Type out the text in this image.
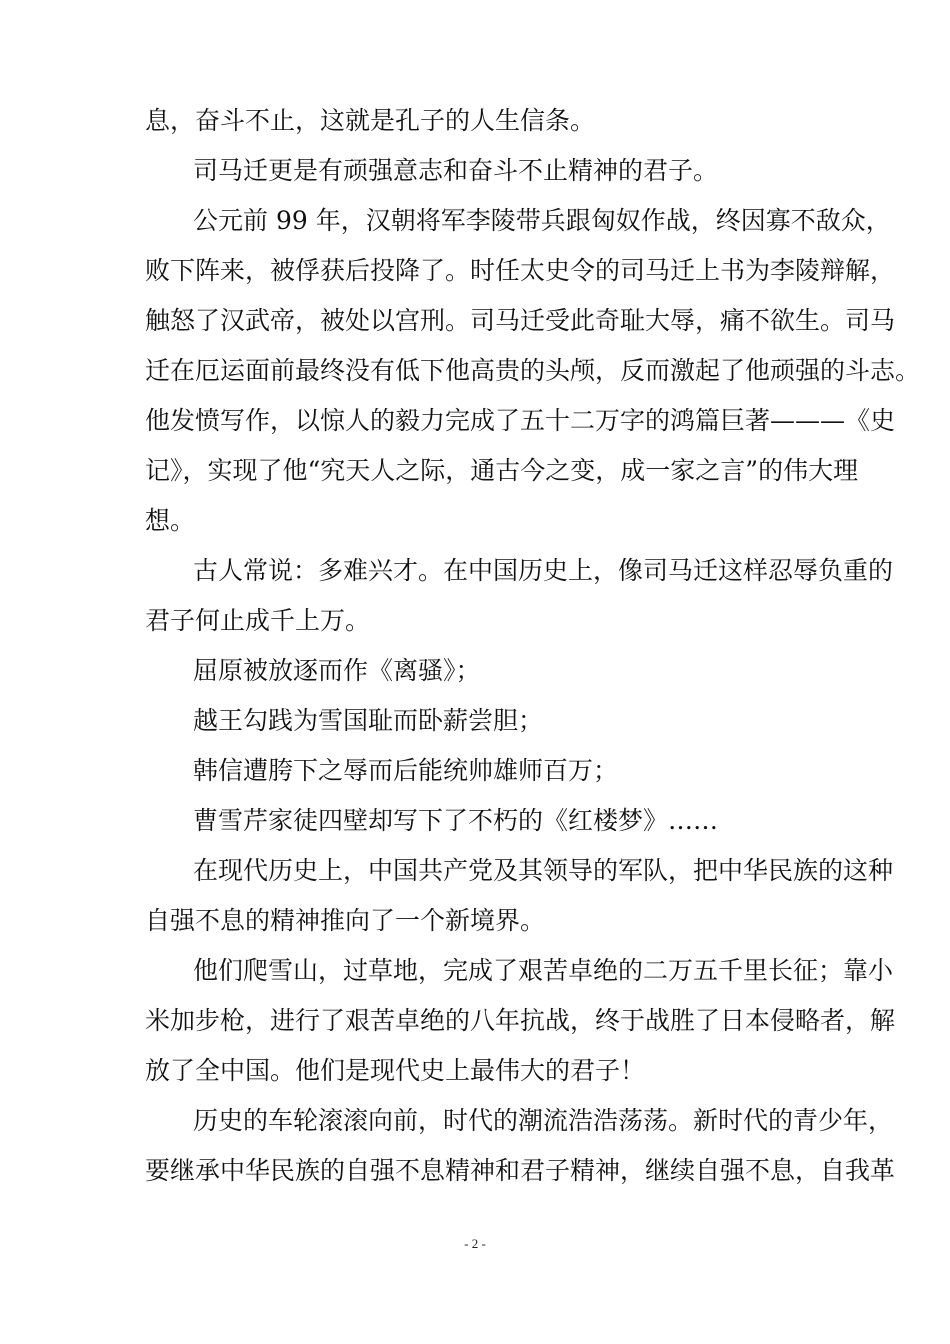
息，奋斗不止，这就是孔子的人生信条。
司马迁更是有顽强意志和奋斗不止精神的君子。
公元前 99 年，汉朝将军李陵带兵跟匈奴作战，终因寡不敌众，
败下阵来，被俘获后投降了。时任太史令的司马迁上书为李陵辩解，
触怒了汉武帝，被处以宫刑。司马迁受此奇耻大辱，痛不欲生。司马
迁在厄运面前最终没有低下他高贵的头颅，反而激起了他顽强的斗志。
他发愤写作，以惊人的毅力完成了五十二万字的鸿篇巨著———《史
记》，实现了他“究天人之际，通古今之变，成一家之言”的伟大理
想。
古人常说：多难兴才。在中国历史上，像司马迁这样忍辱负重的
君子何止成千上万。
屈原被放逐而作《离骚》；
越王勾践为雪国耻而卧薪尝胆；
韩信遭胯下之辱而后能统帅雄师百万；
曹雪芹家徒四壁却写下了不朽的《红楼梦》……
在现代历史上，中国共产党及其领导的军队，把中华民族的这种
自强不息的精神推向了一个新境界。
他们爬雪山，过草地，完成了艰苦卓绝的二万五千里长征；靠小
米加步枪，进行了艰苦卓绝的八年抗战，终于战胜了日本侵略者，解
放了全中国。他们是现代史上最伟大的君子！
历史的车轮滚滚向前，时代的潮流浩浩荡荡。新时代的青少年，
要继承中华民族的自强不息精神和君子精神，继续自强不息，自我革
- 2 -
